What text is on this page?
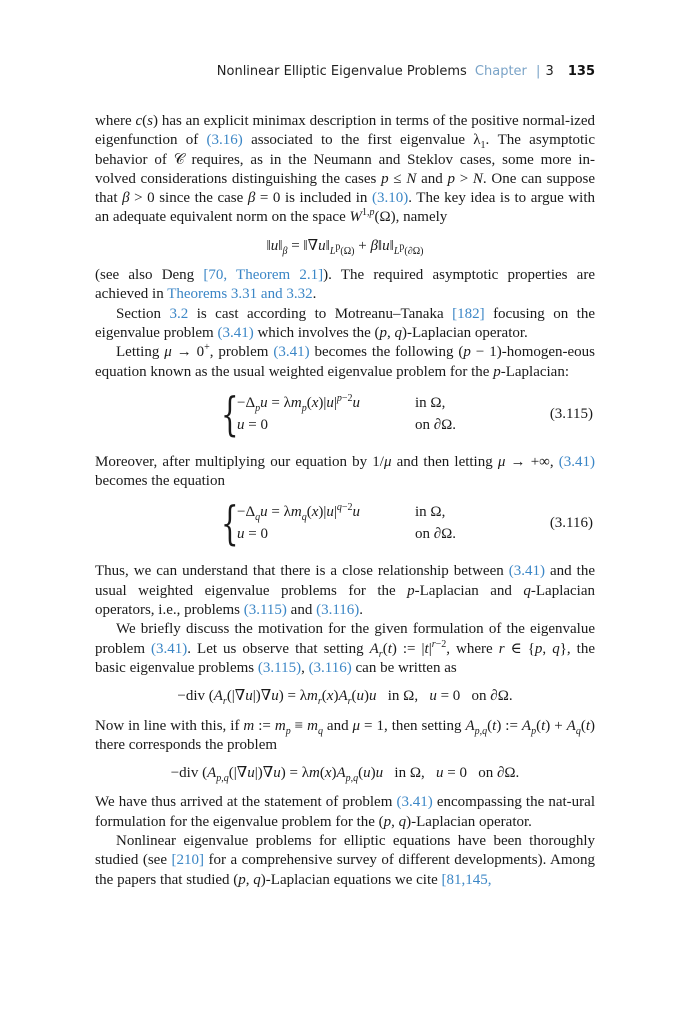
Nonlinear Elliptic Eigenvalue Problems Chapter | 3 135

where c(s) has an explicit minimax description in terms of the positive normal-ized eigenfunction of (3.16) associated to the first eigenvalue $\lambda_1$. The asymptotic behavior of 𝒞 requires, as in the Neumann and Steklov cases, some more in-volved considerations distinguishing the cases p ≤ N and p > N. One can suppose that β > 0 since the case β = 0 is included in (3.10). The key idea is to argue with an adequate equivalent norm on the space W$^{1,p}$(Ω), namely

$‖u‖_\beta$ = $‖\nabla u‖_{L^p(\Omega)}$ + $\beta‖u‖_{L^p(\partial\Omega)}$

(see also Deng [70, Theorem 2.1]). The required asymptotic properties are achieved in Theorems 3.31 and 3.32.

Section 3.2 is cast according to Motreanu–Tanaka [182] focusing on the eigenvalue problem (3.41) which involves the (p, q)-Laplacian operator.

Letting μ → 0+, problem (3.41) becomes the following (p − 1)-homogen-eous equation known as the usual weighted eigenvalue problem for the p-Laplacian:

{
$-\Delta_pu = \lambda m_p(x)|u|^{p-2}u$	in Ω,
u = 0	on ∂Ω.
(3.115)

Moreover, after multiplying our equation by 1/μ and then letting μ → +∞, (3.41) becomes the equation

{
$-\Delta_qu = \lambda m_q(x)|u|^{q-2}u$	in Ω,
u = 0	on ∂Ω.
(3.116)

Thus, we can understand that there is a close relationship between (3.41) and the usual weighted eigenvalue problems for the p-Laplacian and q-Laplacian operators, i.e., problems (3.115) and (3.116).

We briefly discuss the motivation for the given formulation of the eigenvalue problem (3.41). Let us observe that setting $A_r(t)$ := $|t|^{r-2}$, where r ∈ {p, q}, the basic eigenvalue problems (3.115), (3.116) can be written as

−div $(A_r(|\nabla u|)\nabla u) = \lambda m_r(x)A_r(u)u$   in Ω,   u = 0   on ∂Ω.

Now in line with this, if m := $m_p \equiv m_q$ and μ = 1, then setting $A_{p,q}(t)$ := $A_p(t) + A_q(t)$ there corresponds the problem

−div $(A_{p,q}(|\nabla u|)\nabla u) = \lambda m(x)A_{p,q}(u)u$   in Ω,   u = 0   on ∂Ω.

We have thus arrived at the statement of problem (3.41) encompassing the nat-ural formulation for the eigenvalue problem for the (p, q)-Laplacian operator.

Nonlinear eigenvalue problems for elliptic equations have been thoroughly studied (see [210] for a comprehensive survey of different developments). Among the papers that studied (p, q)-Laplacian equations we cite [81,145,
